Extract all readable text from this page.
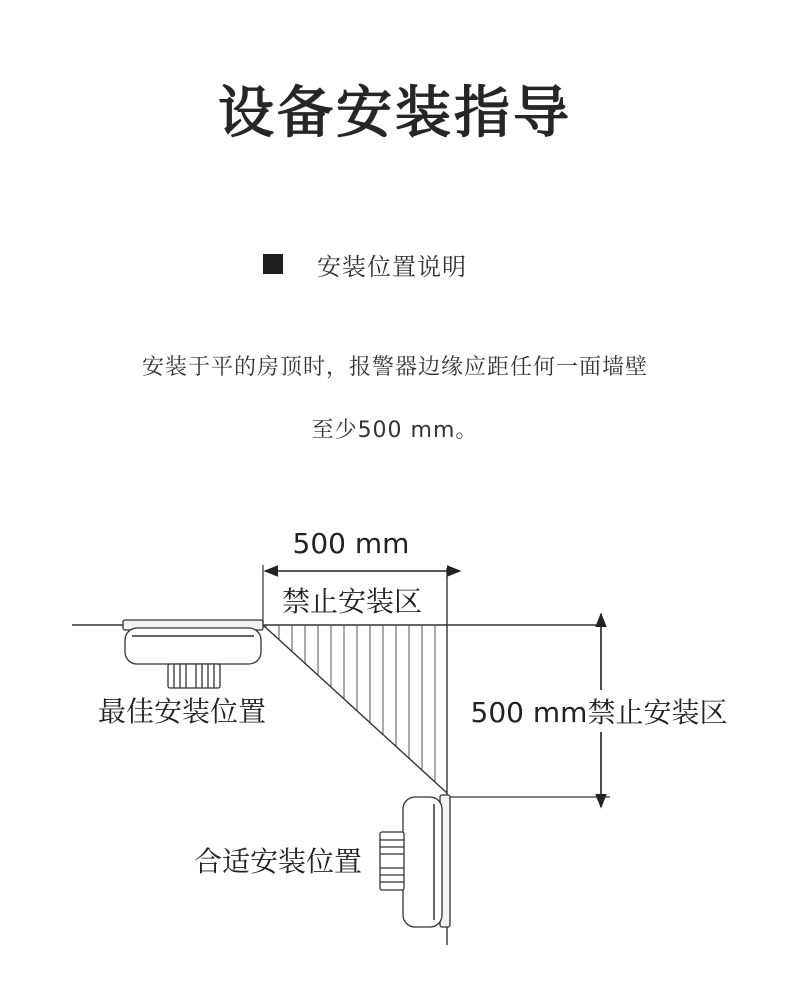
设备安装指导
安装位置说明
安装于平的房顶时，报警器边缘应距任何一面墙壁
至少500 mm。
500 mm
禁止安装区
500 mm禁止安装区
最佳安装位置
合适安装位置
